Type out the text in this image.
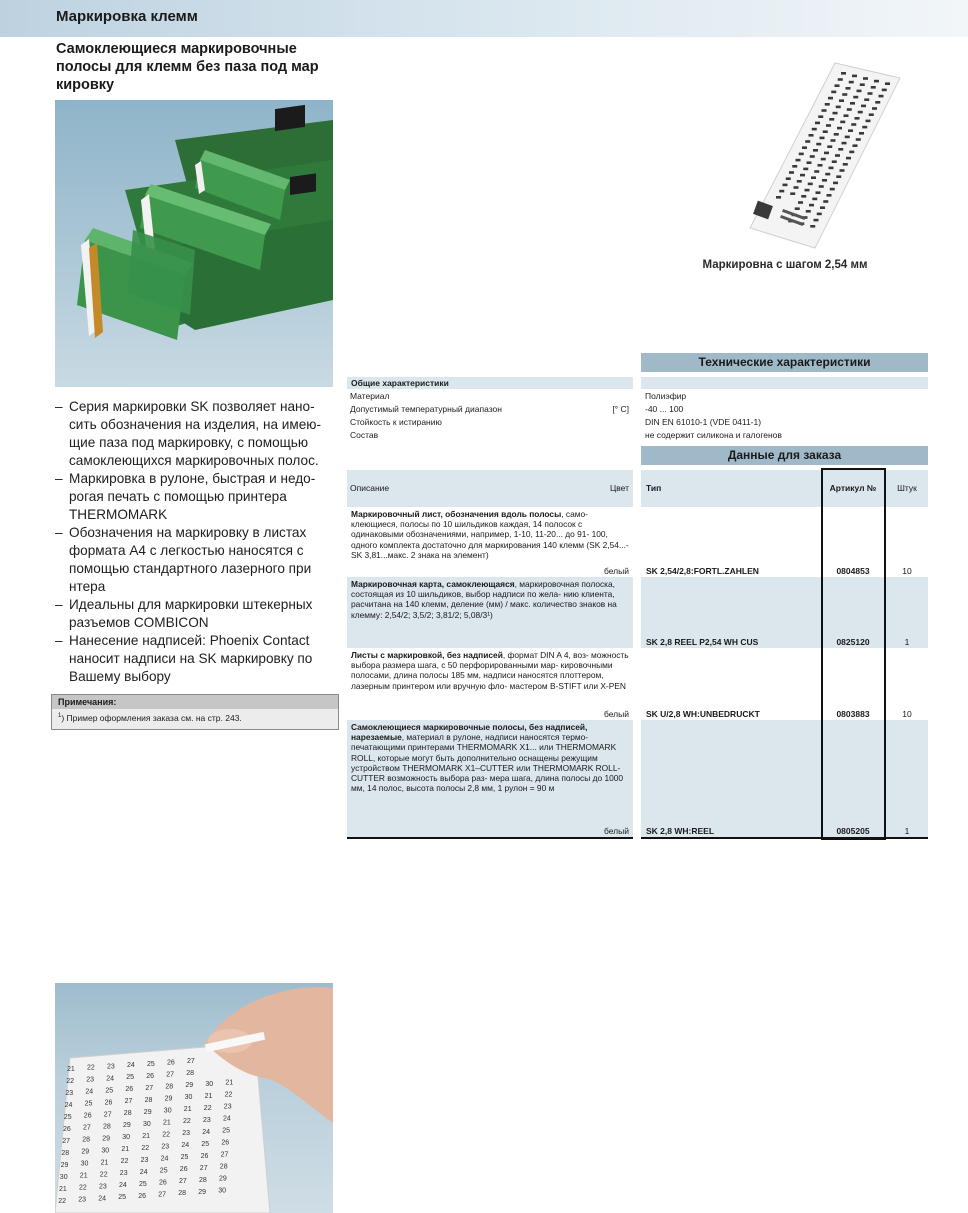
Маркировка клемм
Самоклеющиеся маркировочные полосы для клемм без паза под мар кировку
– Серия маркировки SK позволяет нано- сить обозначения на изделия, на имею- щие паза под маркировку, с помощью самоклеющихся маркировочных полос.
– Маркировка в рулоне, быстрая и недо- рогая печать с помощью принтера THERMOMARK
– Обозначения на маркировку в листах формата A4 с легкостью наносятся с помощью стандартного лазерного при нтера
– Идеальны для маркировки штекерных разъемов COMBICON
– Нанесение надписей: Phoenix Contact наносит надписи на SK маркировку по Вашему выбору
Примечания:
$^1$) Пример оформления заказа см. на стр. 243.
Маркировна с шагом 2,54 мм
Технические характеристики
Общие характеристики
Материал	Полиэфир
Допустимый температурный диапазон	[° C] -40 ... 100
Стойкость к истиранию	DIN EN 61010-1 (VDE 0411-1)
Состав	не содержит силикона и галогенов
Данные для заказа
Описание	Цвет Тип	Артикул №	Штук
Маркировочный лист, обозначения вдоль полосы, само- клеющиеся, полосы по 10 шильдиков каждая, 14 полосок с одинаковыми обозначениями, например, 1-10, 11-20... до 91- 100, одного комплекта достаточно для маркирования 140 клемм (SK 2,54...-SK 3,81...макс. 2 знака на элемент)
белый SK 2,54/2,8:FORTL.ZAHLEN	0804853	10
Маркировочная карта, самоклеющаяся, маркировочная полоска, состоящая из 10 шильдиков, выбор надписи по жела- нию клиента, расчитана на 140 клемм, деление (мм) / макс. количество знаков на клемму: 2,54/2; 3,5/2; 3,81/2; 5,08/3¹)
SK 2,8 REEL P2,54 WH CUS	0825120	1
Листы с маркировкой, без надписей, формат DIN A 4, воз- можность выбора размера шага, с 50 перфорированными мар- кировочными полосами, длина полосы 185 мм, надписи наносятся плоттером, лазерным принтером или вручную фло- мастером B-STIFT или X-PEN
белый SK U/2,8 WH:UNBEDRUCKT	0803883	10
Самоклеющиеся маркировочные полосы, без надписей, нарезаемые, материал в рулоне, надписи наносятся термо- печатающими принтерами THERMOMARK X1... или THERMOMARK ROLL, которые могут быть дополнительно оснащены режущим устройством THERMOMARK X1–CUTTER или THERMOMARK ROLL-CUTTER возможность выбора раз- мера шага, длина полосы до 1000 мм, 14 полос, высота полосы 2,8 мм, 1 рулон = 90 м
белый SK 2,8 WH:REEL	0805205	1
21 22 23 24 25 26 27
22 23 24 25 26 27 28
23 24 25 26 27 28 29 30 21
24 25 26 27 28 29 30 21 22
25 26 27 28 29 30 21 22 23
26 27 28 29 30 21 22 23 24
27 28 29 30 21 22 23 24 25
28 29 30 21 22 23 24 25 26
29 30 21 22 23 24 25 26 27
30 21 22 23 24 25 26 27 28
21 22 23 24 25 26 27 28 29
22 23 24 25 26 27 28 29 30
